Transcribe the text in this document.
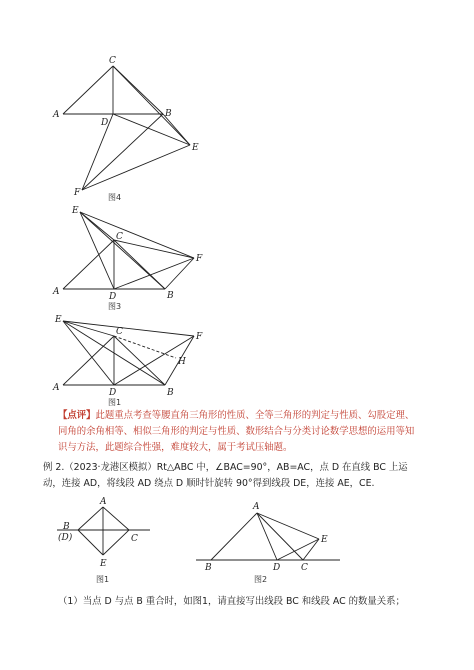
C
A
D
B
E
F	图4
E
C
F
A	D	B
图3
E
C	F
H
A	D	B
图1
A
B
(D)	C
E
图1
A
E
B	D C
图2
【点评】此题重点考查等腰直角三角形的性质、全等三角形的判定与性质、勾股定理、同角的余角相等、相似三角形的判定与性质、数形结合与分类讨论数学思想的运用等知识与方法，此题综合性强，难度较大，属于考试压轴题。
例 2.（2023·龙港区模拟）Rt△ABC 中，∠BAC=90°，AB=AC，点 D 在直线 BC 上运动，连接 AD，将线段 AD 绕点 D 顺时针旋转 90°得到线段 DE，连接 AE，CE.
（1）当点 D 与点 B 重合时，如图1，请直接写出线段 BC 和线段 AC 的数量关系；
